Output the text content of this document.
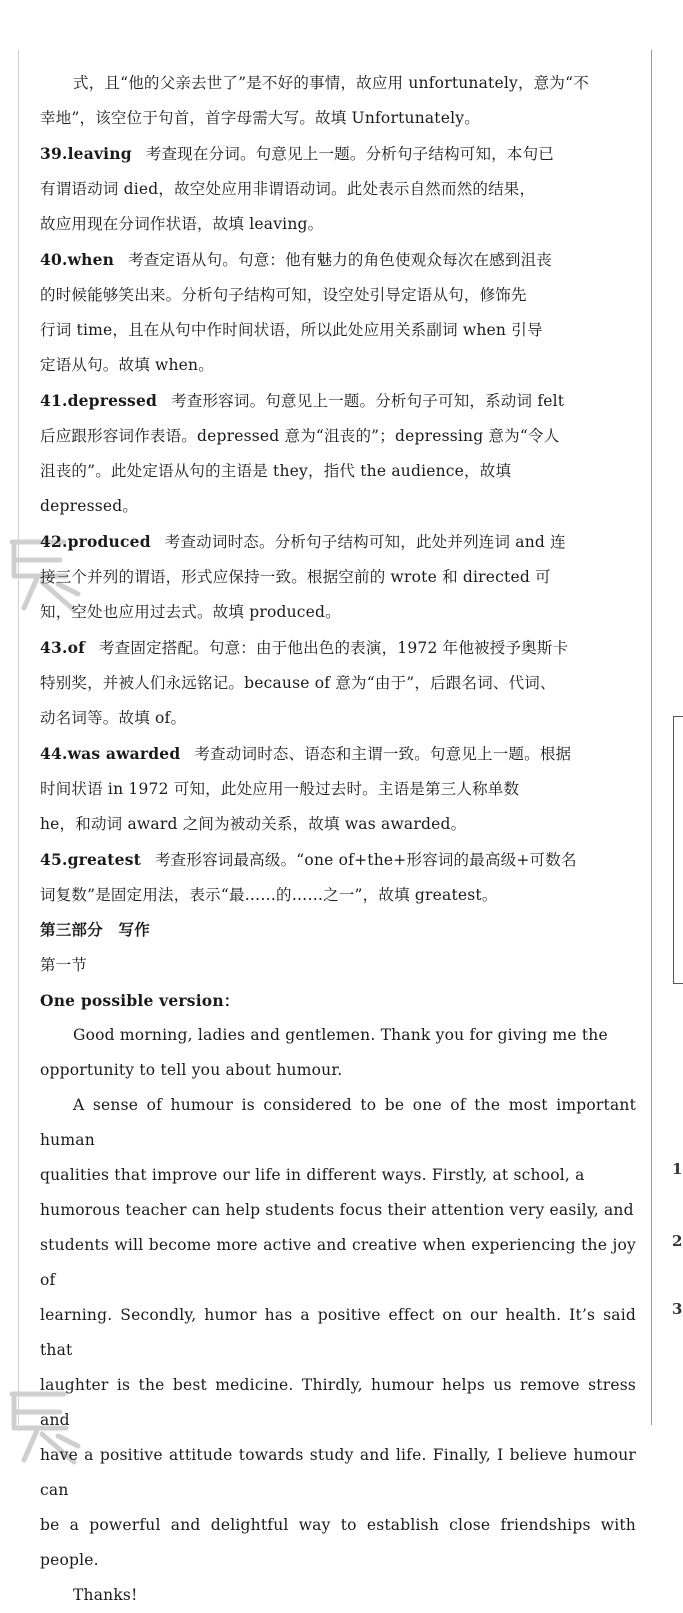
1
2
3

式，且“他的父亲去世了”是不好的事情，故应用 unfortunately，意为“不
幸地”，该空位于句首，首字母需大写。故填 Unfortunately。

39.leaving 考查现在分词。句意见上一题。分析句子结构可知，本句已
有谓语动词 died，故空处应用非谓语动词。此处表示自然而然的结果，
故应用现在分词作状语，故填 leaving。

40.when 考查定语从句。句意：他有魅力的角色使观众每次在感到沮丧
的时候能够笑出来。分析句子结构可知，设空处引导定语从句，修饰先
行词 time，且在从句中作时间状语，所以此处应用关系副词 when 引导
定语从句。故填 when。

41.depressed 考查形容词。句意见上一题。分析句子可知，系动词 felt
后应跟形容词作表语。depressed 意为“沮丧的”；depressing 意为“令人
沮丧的”。此处定语从句的主语是 they，指代 the audience，故填
depressed。

42.produced 考查动词时态。分析句子结构可知，此处并列连词 and 连
接三个并列的谓语，形式应保持一致。根据空前的 wrote 和 directed 可
知，空处也应用过去式。故填 produced。

43.of 考查固定搭配。句意：由于他出色的表演，1972 年他被授予奥斯卡
特别奖，并被人们永远铭记。because of 意为“由于”，后跟名词、代词、
动名词等。故填 of。

44.was awarded 考查动词时态、语态和主谓一致。句意见上一题。根据
时间状语 in 1972 可知，此处应用一般过去时。主语是第三人称单数
he，和动词 award 之间为被动关系，故填 was awarded。

45.greatest 考查形容词最高级。“one of+the+形容词的最高级+可数名
词复数”是固定用法，表示“最……的……之一”，故填 greatest。

第三部分　写作

第一节

One possible version：

Good morning, ladies and gentlemen. Thank you for giving me the
opportunity to tell you about humour.

A sense of humour is considered to be one of the most important human
qualities that improve our life in different ways. Firstly, at school, a
humorous teacher can help students focus their attention very easily, and
students will become more active and creative when experiencing the joy of
learning. Secondly, humor has a positive effect on our health. It’s said that
laughter is the best medicine. Thirdly, humour helps us remove stress and
have a positive attitude towards study and life. Finally, I believe humour can
be a powerful and delightful way to establish close friendships with people.

Thanks!
